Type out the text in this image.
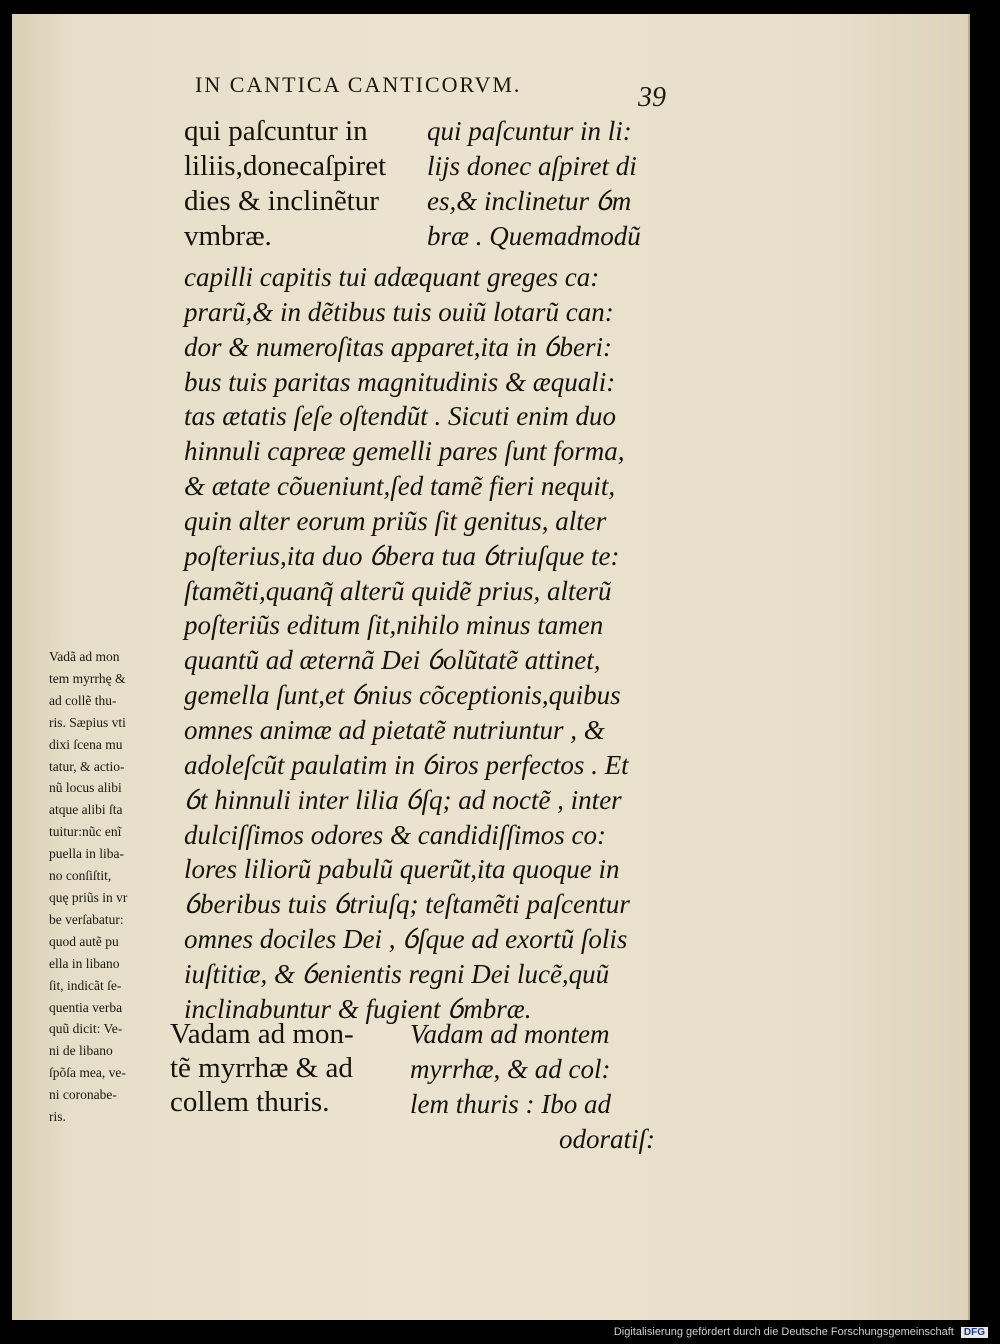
IN CANTICA CANTICORVM.	39
qui paſcuntur in
liliis,donecaſpiret
dies & inclinẽtur
vmbræ.
qui paſcuntur in li:
lijs donec aſpiret di
es,& inclinetur ỽm
bræ . Quemadmodũ
capilli capitis tui adæquant greges ca:
prarũ,& in dẽtibus tuis ouiũ lotarũ can:
dor & numeroſitas apparet,ita in ỽberi:
bus tuis paritas magnitudinis & æquali:
tas ætatis ſeſe oſtendũt . Sicuti enim duo
hinnuli capreæ gemelli pares ſunt forma,
& ætate cõueniunt,ſed tamẽ fieri nequit,
quin alter eorum priũs ſit genitus, alter
poſterius,ita duo ỽbera tua ỽtriuſque te:
ſtamẽti,quanq̃ alterũ quidẽ prius, alterũ
poſteriũs editum ſit,nihilo minus tamen
quantũ ad æternã Dei ỽolũtatẽ attinet,
gemella ſunt,et ỽnius cõceptionis,quibus
omnes animæ ad pietatẽ nutriuntur , &
adoleſcũt paulatim in ỽiros perfectos . Et
ỽt hinnuli inter lilia ỽſq; ad noctẽ , inter
dulciſſimos odores & candidiſſimos co:
lores liliorũ pabulũ querũt,ita quoque in
ỽberibus tuis ỽtriuſq; teſtamẽti paſcentur
omnes dociles Dei , ỽſque ad exortũ ſolis
iuſtitiæ, & ỽenientis regni Dei lucẽ,quũ
inclinabuntur & fugient ỽmbræ.
Vadã ad mon
tem myrrhę &
ad collẽ thu-
ris. Sæpius vti
dixi ſcena mu
tatur, & actio-
nũ locus alibi
atque alibi ſta
tuitur:nũc enĩ
puella in liba-
no conſiſtit,
quę priũs in vr
be verſabatur:
quod autẽ pu
ella in libano
ſit, indicãt ſe-
quentia verba
quũ dicit: Ve-
ni de libano
ſpõſa mea, ve-
ni coronabe-
ris.
Vadam ad mon-
tẽ myrrhæ & ad
collem thuris.
Vadam ad montem
myrrhæ, & ad col:
lem thuris : Ibo ad
odoratiſ:
Digitalisierung gefördert durch die Deutsche Forschungsgemeinschaft DFG
